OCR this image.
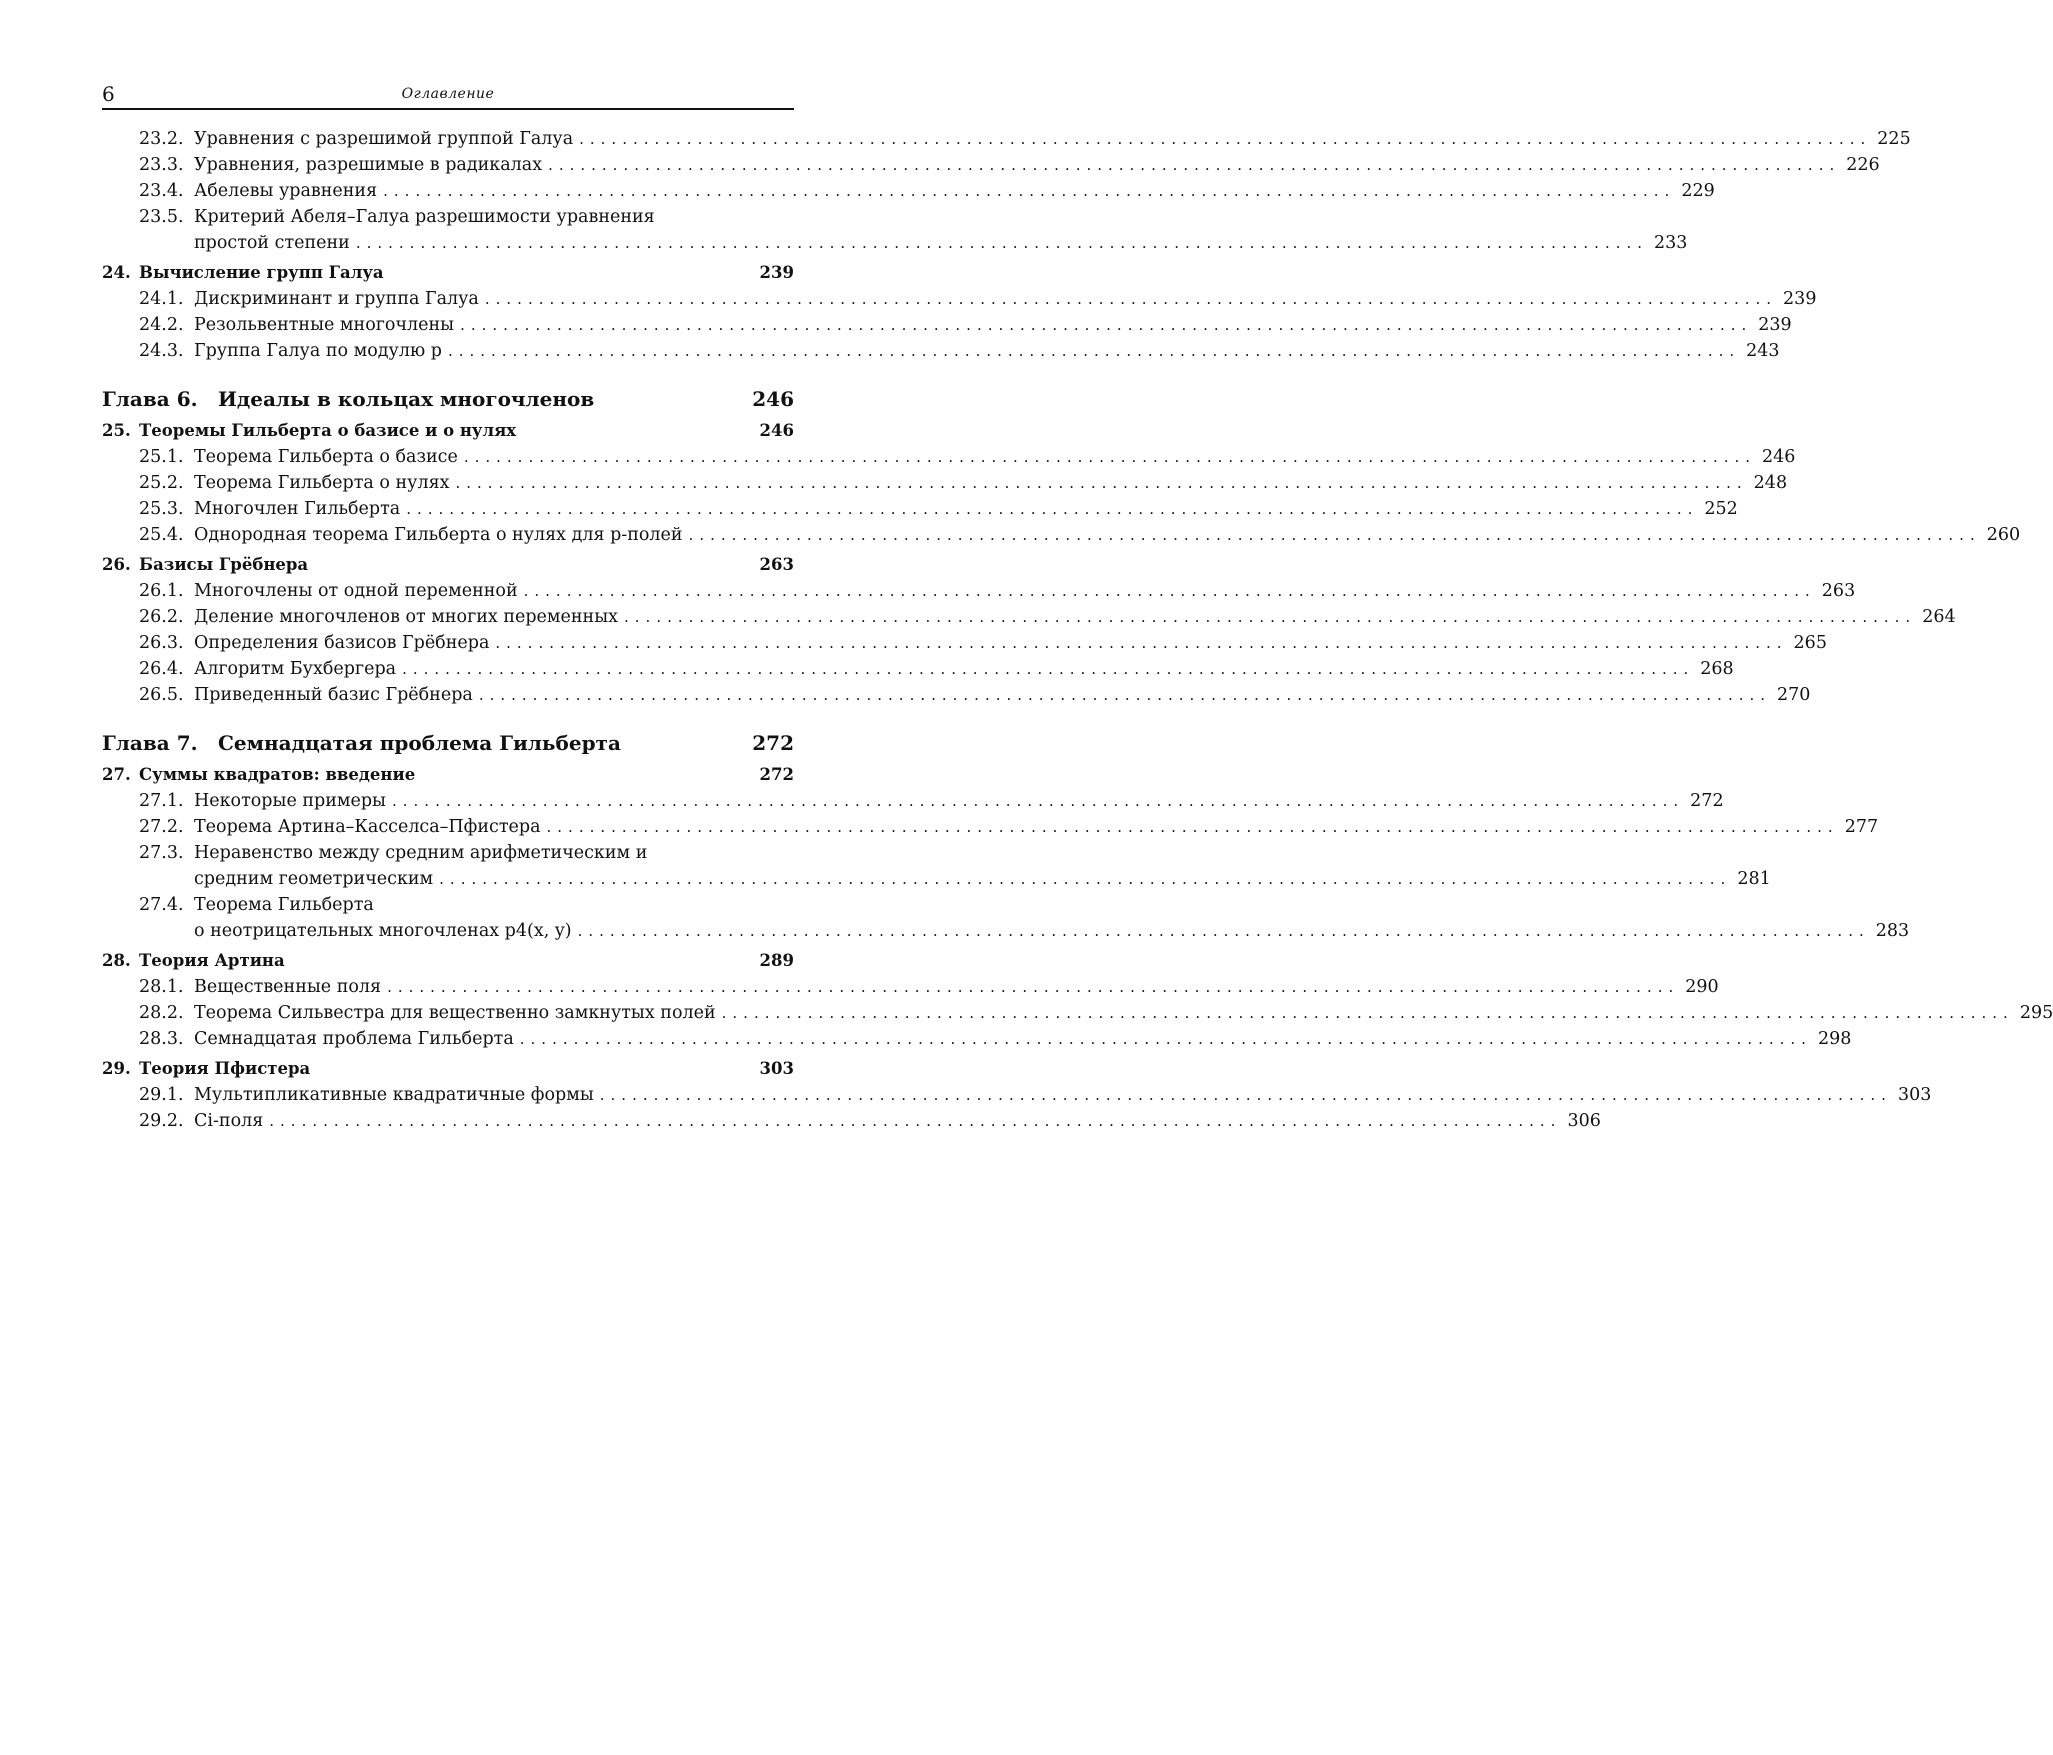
6	Оглавление
23.2. Уравнения с разрешимой группой Галуа ........................................................................................................................ 225
23.3. Уравнения, разрешимые в радикалах ........................................................................................................................ 226
23.4. Абелевы уравнения ........................................................................................................................ 229
23.5. Критерий Абеля–Галуа разрешимости уравнения
простой степени ........................................................................................................................ 233
24. Вычисление групп Галуа	239
24.1. Дискриминант и группа Галуа ........................................................................................................................ 239
24.2. Резольвентные многочлены ........................................................................................................................ 239
24.3. Группа Галуа по модулю p ........................................................................................................................ 243
Глава 6.	Идеалы в кольцах многочленов	246
25. Теоремы Гильберта о базисе и о нулях	246
25.1. Теорема Гильберта о базисе ........................................................................................................................ 246
25.2. Теорема Гильберта о нулях ........................................................................................................................ 248
25.3. Многочлен Гильберта ........................................................................................................................ 252
25.4. Однородная теорема Гильберта о нулях для p-полей ........................................................................................................................ 260
26. Базисы Грёбнера	263
26.1. Многочлены от одной переменной ........................................................................................................................ 263
26.2. Деление многочленов от многих переменных ........................................................................................................................ 264
26.3. Определения базисов Грёбнера ........................................................................................................................ 265
26.4. Алгоритм Бухбергера ........................................................................................................................ 268
26.5. Приведенный базис Грёбнера ........................................................................................................................ 270
Глава 7.	Семнадцатая проблема Гильберта	272
27. Суммы квадратов: введение	272
27.1. Некоторые примеры ........................................................................................................................ 272
27.2. Теорема Артина–Касселса–Пфистера ........................................................................................................................ 277
27.3. Неравенство между средним арифметическим и
средним геометрическим ........................................................................................................................ 281
27.4. Теорема Гильберта
о неотрицательных многочленах p4(x, y) ........................................................................................................................ 283
28. Теория Артина	289
28.1. Вещественные поля ........................................................................................................................ 290
28.2. Теорема Сильвестра для вещественно замкнутых полей ........................................................................................................................ 295
28.3. Семнадцатая проблема Гильберта ........................................................................................................................ 298
29. Теория Пфистера	303
29.1. Мультипликативные квадратичные формы ........................................................................................................................ 303
29.2. Ci-поля ........................................................................................................................ 306
